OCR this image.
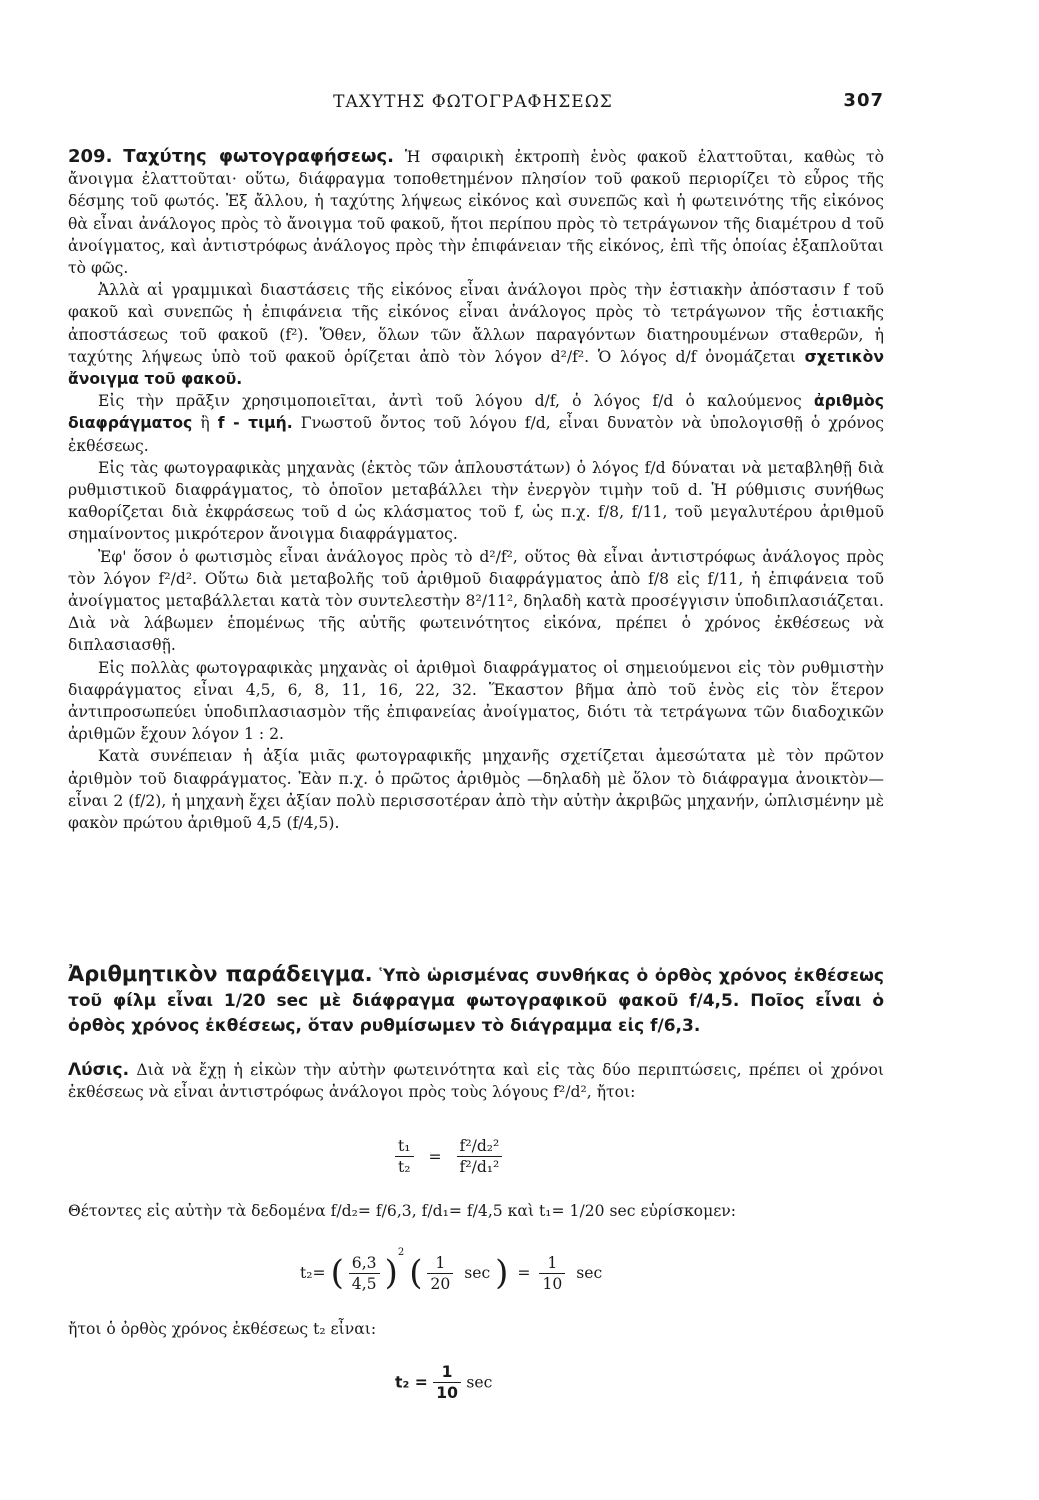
ΤΑΧΥΤΗΣ ΦΩΤΟΓΡΑΦΗΣΕΩΣ	307

209. Ταχύτης φωτογραφήσεως. Ἡ σφαιρικὴ ἐκτροπὴ ἑνὸς φακοῦ ἐλαττοῦται, καθὼς τὸ ἄνοιγμα ἐλαττοῦται· οὕτω, διάφραγμα τοποθετημένον πλησίον τοῦ φακοῦ περιορίζει τὸ εὖρος τῆς δέσμης τοῦ φωτός. Ἐξ ἄλλου, ἡ ταχύτης λήψεως εἰκόνος καὶ συνεπῶς καὶ ἡ φωτεινότης τῆς εἰκόνος θὰ εἶναι ἀνάλογος πρὸς τὸ ἄνοιγμα τοῦ φακοῦ, ἤτοι περίπου πρὸς τὸ τετράγωνον τῆς διαμέτρου d τοῦ ἀνοίγματος, καὶ ἀντιστρόφως ἀνάλογος πρὸς τὴν ἐπιφάνειαν τῆς εἰκόνος, ἐπὶ τῆς ὁποίας ἐξαπλοῦται τὸ φῶς.

Ἀλλὰ αἱ γραμμικαὶ διαστάσεις τῆς εἰκόνος εἶναι ἀνάλογοι πρὸς τὴν ἑστιακὴν ἀπόστασιν f τοῦ φακοῦ καὶ συνεπῶς ἡ ἐπιφάνεια τῆς εἰκόνος εἶναι ἀνάλογος πρὸς τὸ τετράγωνον τῆς ἑστιακῆς ἀποστάσεως τοῦ φακοῦ (f²). Ὅθεν, ὅλων τῶν ἄλλων παραγόντων διατηρουμένων σταθερῶν, ἡ ταχύτης λήψεως ὑπὸ τοῦ φακοῦ ὁρίζεται ἀπὸ τὸν λόγον d²/f². Ὁ λόγος d/f ὀνομάζεται σχετικὸν ἄνοιγμα τοῦ φακοῦ.

Εἰς τὴν πρᾶξιν χρησιμοποιεῖται, ἀντὶ τοῦ λόγου d/f, ὁ λόγος f/d ὁ καλούμενος ἀριθμὸς διαφράγματος ἢ f - τιμή. Γνωστοῦ ὄντος τοῦ λόγου f/d, εἶναι δυνατὸν νὰ ὑπολογισθῇ ὁ χρόνος ἐκθέσεως.

Εἰς τὰς φωτογραφικὰς μηχανὰς (ἐκτὸς τῶν ἁπλουστάτων) ὁ λόγος f/d δύναται νὰ μεταβληθῇ διὰ ρυθμιστικοῦ διαφράγματος, τὸ ὁποῖον μεταβάλλει τὴν ἐνεργὸν τιμὴν τοῦ d. Ἡ ρύθμισις συνήθως καθορίζεται διὰ ἐκφράσεως τοῦ d ὡς κλάσματος τοῦ f, ὡς π.χ. f/8, f/11, τοῦ μεγαλυτέρου ἀριθμοῦ σημαίνοντος μικρότερον ἄνοιγμα διαφράγματος.

Ἐφ' ὅσον ὁ φωτισμὸς εἶναι ἀνάλογος πρὸς τὸ d²/f², οὕτος θὰ εἶναι ἀντιστρόφως ἀνάλογος πρὸς τὸν λόγον f²/d². Οὕτω διὰ μεταβολῆς τοῦ ἀριθμοῦ διαφράγματος ἀπὸ f/8 εἰς f/11, ἡ ἐπιφάνεια τοῦ ἀνοίγματος μεταβάλλεται κατὰ τὸν συντελεστὴν 8²/11², δηλαδὴ κατὰ προσέγγισιν ὑποδιπλασιάζεται. Διὰ νὰ λάβωμεν ἑπομένως τῆς αὐτῆς φωτεινότητος εἰκόνα, πρέπει ὁ χρόνος ἐκθέσεως νὰ διπλασιασθῇ.

Εἰς πολλὰς φωτογραφικὰς μηχανὰς οἱ ἀριθμοὶ διαφράγματος οἱ σημειούμενοι εἰς τὸν ρυθμιστὴν διαφράγματος εἶναι 4,5, 6, 8, 11, 16, 22, 32. Ἕκαστον βῆμα ἀπὸ τοῦ ἑνὸς εἰς τὸν ἕτερον ἀντιπροσωπεύει ὑποδιπλασιασμὸν τῆς ἐπιφανείας ἀνοίγματος, διότι τὰ τετράγωνα τῶν διαδοχικῶν ἀριθμῶν ἔχουν λόγον 1 : 2.

Κατὰ συνέπειαν ἡ ἀξία μιᾶς φωτογραφικῆς μηχανῆς σχετίζεται ἀμεσώτατα μὲ τὸν πρῶτον ἀριθμὸν τοῦ διαφράγματος. Ἐὰν π.χ. ὁ πρῶτος ἀριθμὸς —δηλαδὴ μὲ ὅλον τὸ διάφραγμα ἀνοικτὸν— εἶναι 2 (f/2), ἡ μηχανὴ ἔχει ἀξίαν πολὺ περισσοτέραν ἀπὸ τὴν αὐτὴν ἀκριβῶς μηχανήν, ὡπλισμένην μὲ φακὸν πρώτου ἀριθμοῦ 4,5 (f/4,5).

Ἀριθμητικὸν παράδειγμα. Ὑπὸ ὡρισμένας συνθήκας ὁ ὀρθὸς χρόνος ἐκθέσεως τοῦ φίλμ εἶναι 1/20 sec μὲ διάφραγμα φωτογραφικοῦ φακοῦ f/4,5. Ποῖος εἶναι ὁ ὀρθὸς χρόνος ἐκθέσεως, ὅταν ρυθμίσωμεν τὸ διάγραμμα εἰς f/6,3.
Λύσις. Διὰ νὰ ἔχῃ ἡ εἰκὼν τὴν αὐτὴν φωτεινότητα καὶ εἰς τὰς δύο περιπτώσεις, πρέπει οἱ χρόνοι ἐκθέσεως νὰ εἶναι ἀντιστρόφως ἀνάλογοι πρὸς τοὺς λόγους f²/d², ἤτοι:
$\frac{\text{t₁}}{\text{t₂}} = \frac{\text{f²/d₂²}}{\text{f²/d₁²}}$
Θέτοντες εἰς αὐτὴν τὰ δεδομένα f/d₂= f/6,3, f/d₁= f/4,5 καὶ t₁= 1/20 sec εὑρίσκομεν:
t₂= ( $\frac{6,3}{4,5} )^2$ ( $\frac{1}{20}$ sec ) = $\frac{1}{10}$ sec
ἤτοι ὁ ὀρθὸς χρόνος ἐκθέσεως t₂ εἶναι:
$t_2 = \frac{1}{10}$ sec
